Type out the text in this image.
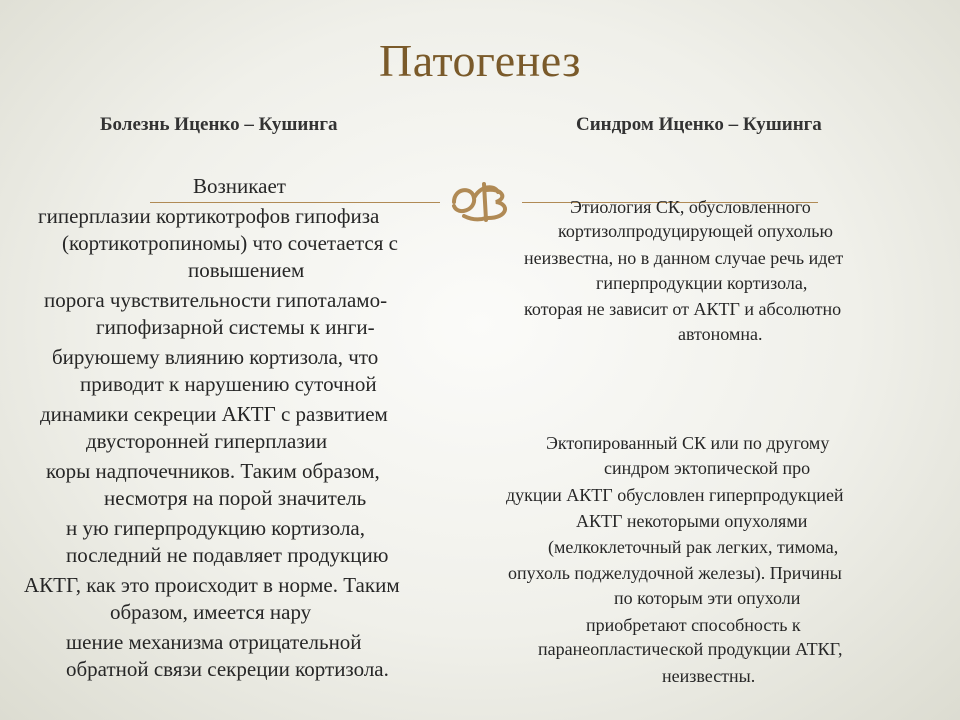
Патогенез
Болезнь Иценко – Кушинга	Синдром Иценко – Кушинга
Возникает
гиперплазии кортикотрофов гипофиза
(кортикотропиномы) что сочетается с
повышением
порога чувствительности гипоталамо-
гипофизарной системы к инги-
бируюшему влиянию кортизола, что
приводит к нарушению суточной
динамики секреции АКТГ с развитием
двусторонней гиперплазии
коры надпочечников. Таким образом,
несмотря на порой значитель
н ую гиперпродукцию кортизола,
последний не подавляет продукцию
АКТГ, как это происходит в норме. Таким
образом, имеется нару
шение механизма отрицательной
обратной связи секреции кортизола.
Этиология СК, обусловленного
кортизолпродуцирующей опухолью
неизвестна, но в данном случае речь идет
гиперпродукции кортизола,
которая не зависит от АКТГ и абсолютно
автономна.
Эктопированный СК или по другому
синдром эктопической про
дукции АКТГ обусловлен гиперпродукцией
АКТГ некоторыми опухолями
(мелкоклеточный рак легких, тимома,
опухоль поджелудочной железы). Причины
по которым эти опухоли
приобретают способность к
паранеопластической продукции АТКГ,
неизвестны.
